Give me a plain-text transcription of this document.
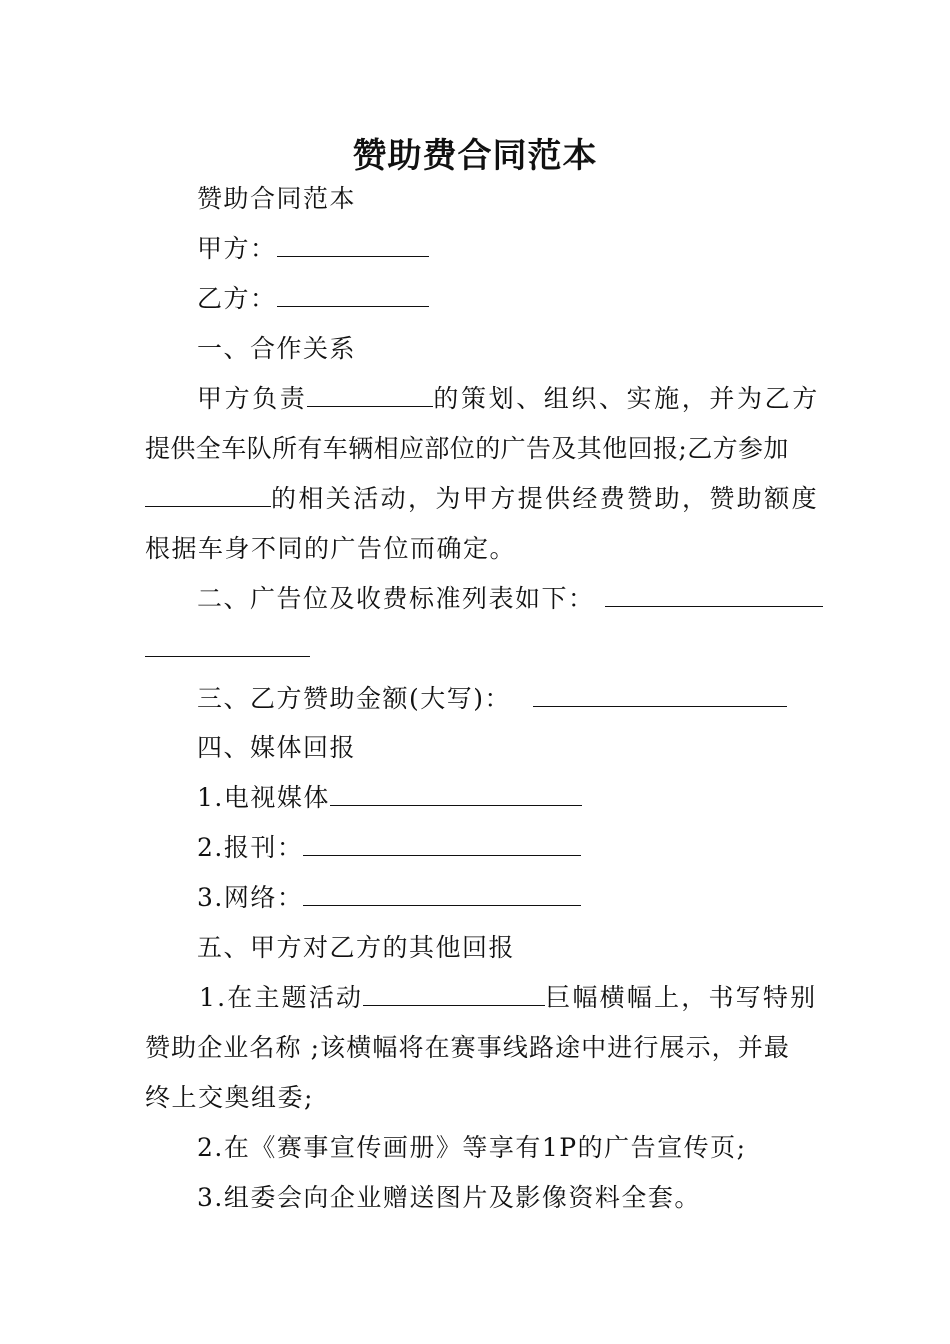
赞助费合同范本
赞助合同范本
甲方：
乙方：
一、合作关系
甲方负责	的策划、组织、实施，并为乙方
提供全车队所有车辆相应部位的广告及其他回报;乙方参加
的相关活动，为甲方提供经费赞助，赞助额度
根据车身不同的广告位而确定。
二、广告位及收费标准列表如下：
三、乙方赞助金额(大写)：
四、媒体回报
1.电视媒体
2.报刊：
3.网络：
五、甲方对乙方的其他回报
1.在主题活动	巨幅横幅上，书写特别
赞助企业名称 ;该横幅将在赛事线路途中进行展示，并最
终上交奥组委;
2.在《赛事宣传画册》等享有1P的广告宣传页;
3.组委会向企业赠送图片及影像资料全套。
